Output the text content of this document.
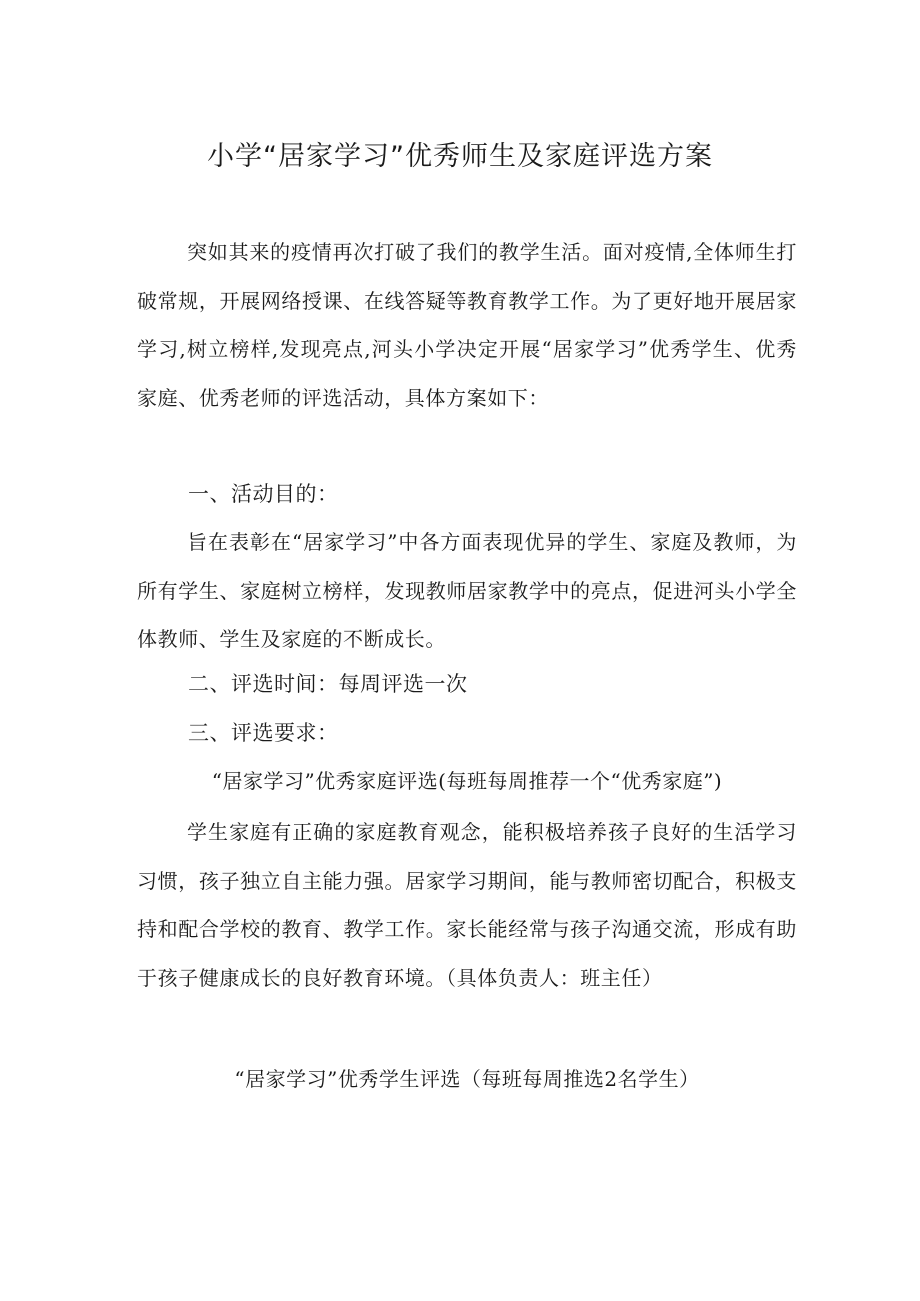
小学“居家学习”优秀师生及家庭评选方案

突如其来的疫情再次打破了我们的教学生活。面对疫情,全体师生打破常规，开展网络授课、在线答疑等教育教学工作。为了更好地开展居家学习,树立榜样,发现亮点,河头小学决定开展“居家学习”优秀学生、优秀家庭、优秀老师的评选活动，具体方案如下：

一、活动目的：

旨在表彰在“居家学习”中各方面表现优异的学生、家庭及教师，为所有学生、家庭树立榜样，发现教师居家教学中的亮点，促进河头小学全体教师、学生及家庭的不断成长。

二、评选时间：每周评选一次
三、评选要求：

“居家学习”优秀家庭评选(每班每周推荐一个“优秀家庭”)

学生家庭有正确的家庭教育观念，能积极培养孩子良好的生活学习习惯，孩子独立自主能力强。居家学习期间，能与教师密切配合，积极支持和配合学校的教育、教学工作。家长能经常与孩子沟通交流，形成有助于孩子健康成长的良好教育环境。（具体负责人：班主任）

“居家学习”优秀学生评选（每班每周推选2名学生）
